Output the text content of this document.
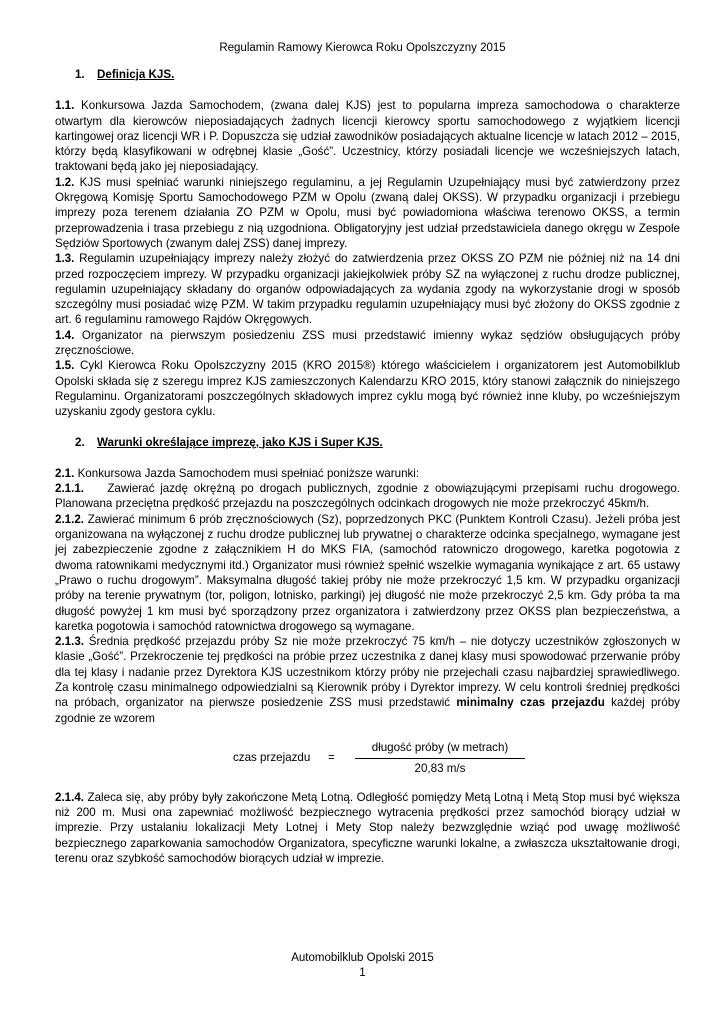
Regulamin Ramowy Kierowca Roku Opolszczyzny 2015
1. Definicja KJS.

1.1. Konkursowa Jazda Samochodem, (zwana dalej KJS) jest to popularna impreza samochodowa o charakterze otwartym dla kierowców nieposiadających żadnych licencji kierowcy sportu samochodowego z wyjątkiem licencji kartingowej oraz licencji WR i P. Dopuszcza się udział zawodników posiadających aktualne licencje w latach 2012 – 2015, którzy będą klasyfikowani w odrębnej klasie „Gość”. Uczestnicy, którzy posiadali licencje we wcześniejszych latach, traktowani będą jako jej nieposiadający.

1.2. KJS musi spełniać warunki niniejszego regulaminu, a jej Regulamin Uzupełniający musi być zatwierdzony przez Okręgową Komisję Sportu Samochodowego PZM w Opolu (zwaną dalej OKSS). W przypadku organizacji i przebiegu imprezy poza terenem działania ZO PZM w Opolu, musi być powiadomiona właściwa terenowo OKSS, a termin przeprowadzenia i trasa przebiegu z nią uzgodniona. Obligatoryjny jest udział przedstawiciela danego okręgu w Zespole Sędziów Sportowych (zwanym dalej ZSS) danej imprezy.

1.3. Regulamin uzupełniający imprezy należy złożyć do zatwierdzenia przez OKSS ZO PZM nie później niż na 14 dni przed rozpoczęciem imprezy. W przypadku organizacji jakiejkolwiek próby SZ na wyłączonej z ruchu drodze publicznej, regulamin uzupełniający składany do organów odpowiadających za wydania zgody na wykorzystanie drogi w sposób szczególny musi posiadać wizę PZM. W takim przypadku regulamin uzupełniający musi być złożony do OKSS zgodnie z art. 6 regulaminu ramowego Rajdów Okręgowych.

1.4. Organizator na pierwszym posiedzeniu ZSS musi przedstawić imienny wykaz sędziów obsługujących próby zręcznościowe.

1.5. Cykl Kierowca Roku Opolszczyzny 2015 (KRO 2015®) którego właścicielem i organizatorem jest Automobilklub Opolski składa się z szeregu imprez KJS zamieszczonych Kalendarzu KRO 2015, który stanowi załącznik do niniejszego Regulaminu. Organizatorami poszczególnych składowych imprez cyklu mogą być również inne kluby, po wcześniejszym uzyskaniu zgody gestora cyklu.

2. Warunki określające imprezę, jako KJS i Super KJS.

2.1. Konkursowa Jazda Samochodem musi spełniać poniższe warunki:

2.1.1.    Zawierać jazdę okrężną po drogach publicznych, zgodnie z obowiązującymi przepisami ruchu drogowego. Planowana przeciętna prędkość przejazdu na poszczególnych odcinkach drogowych nie może przekroczyć 45km/h.

2.1.2. Zawierać minimum 6 prób zręcznościowych (Sz), poprzedzonych PKC (Punktem Kontroli Czasu). Jeżeli próba jest organizowana na wyłączonej z ruchu drodze publicznej lub prywatnej o charakterze odcinka specjalnego, wymagane jest jej zabezpieczenie zgodne z załącznikiem H do MKS FIA, (samochód ratowniczo drogowego, karetka pogotowia z dwoma ratownikami medycznymi itd.) Organizator musi również spełnić wszelkie wymagania wynikające z art. 65 ustawy „Prawo o ruchu drogowym”. Maksymalna długość takiej próby nie może przekroczyć 1,5 km. W przypadku organizacji próby na terenie prywatnym (tor, poligon, lotnisko, parkingi) jej długość nie może przekroczyć 2,5 km. Gdy próba ta ma długość powyżej 1 km musi być sporządzony przez organizatora i zatwierdzony przez OKSS plan bezpieczeństwa, a karetka pogotowia i samochód ratownictwa drogowego są wymagane.

2.1.3. Średnia prędkość przejazdu próby Sz nie może przekroczyć 75 km/h – nie dotyczy uczestników zgłoszonych w klasie „Gość”. Przekroczenie tej prędkości na próbie przez uczestnika z danej klasy musi spowodować przerwanie próby dla tej klasy i nadanie przez Dyrektora KJS uczestnikom którzy próby nie przejechali czasu najbardziej sprawiedliwego. Za kontrolę czasu minimalnego odpowiedzialni są Kierownik próby i Dyrektor imprezy. W celu kontroli średniej prędkości na próbach, organizator na pierwsze posiedzenie ZSS musi przedstawić minimalny czas przejazdu każdej próby zgodnie ze wzorem

czas przejazdu =
długość próby (w metrach)
20,83 m/s

2.1.4. Zaleca się, aby próby były zakończone Metą Lotną. Odległość pomiędzy Metą Lotną i Metą Stop musi być większa niż 200 m. Musi ona zapewniać możliwość bezpiecznego wytracenia prędkości przez samochód biorący udział w imprezie. Przy ustalaniu lokalizacji Mety Lotnej i Mety Stop należy bezwzględnie wziąć pod uwagę możliwość bezpiecznego zaparkowania samochodów Organizatora, specyficzne warunki lokalne, a zwłaszcza ukształtowanie drogi, terenu oraz szybkość samochodów biorących udział w imprezie.

Automobilklub Opolski 2015
1
